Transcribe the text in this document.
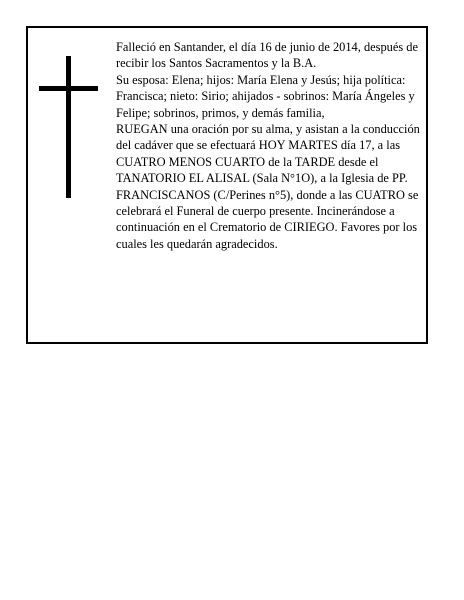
Falleció en Santander, el día 16 de junio de 2014, después de recibir los Santos Sacramentos y la B.A.

Su esposa: Elena; hijos: María Elena y Jesús; hija política: Francisca; nieto: Sirio; ahijados - sobrinos: María Ángeles y Felipe; sobrinos, primos, y demás familia,

RUEGAN una oración por su alma, y asistan a la conducción del cadáver que se efectuará HOY MARTES día 17, a las CUATRO MENOS CUARTO de la TARDE desde el TANATORIO EL ALISAL (Sala N°1O), a la Iglesia de PP. FRANCISCANOS (C/Perines n°5), donde a las CUATRO se celebrará el Funeral de cuerpo presente. Incinerándose a continuación en el Crematorio de CIRIEGO. Favores por los cuales les quedarán agradecidos.
